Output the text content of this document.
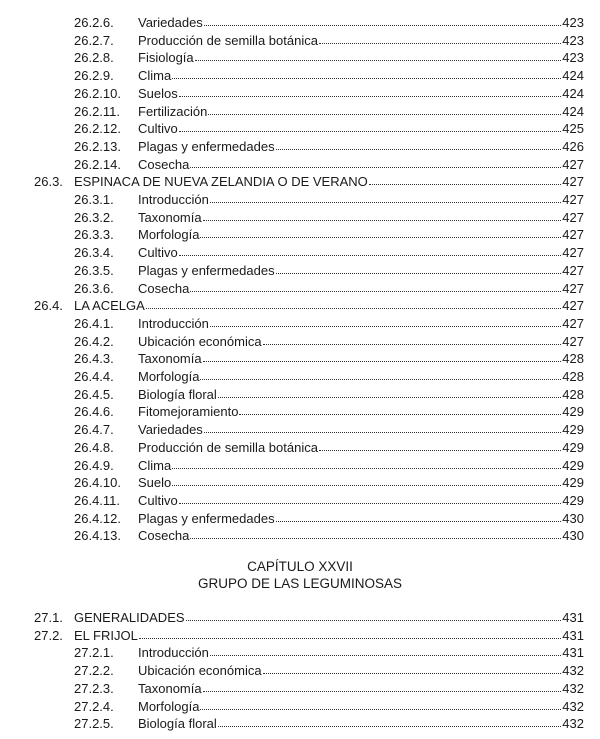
26.2.6. Variedades	423
26.2.7. Producción de semilla botánica	423
26.2.8. Fisiología	423
26.2.9. Clima	424
26.2.10. Suelos	424
26.2.11. Fertilización	424
26.2.12. Cultivo	425
26.2.13. Plagas y enfermedades	426
26.2.14. Cosecha	427
26.3. ESPINACA DE NUEVA ZELANDIA O DE VERANO	427
26.3.1. Introducción	427
26.3.2. Taxonomía	427
26.3.3. Morfología	427
26.3.4. Cultivo	427
26.3.5. Plagas y enfermedades	427
26.3.6. Cosecha	427
26.4. LA ACELGA	427
26.4.1. Introducción	427
26.4.2. Ubicación económica	427
26.4.3. Taxonomía	428
26.4.4. Morfología	428
26.4.5. Biología floral	428
26.4.6. Fitomejoramiento	429
26.4.7. Variedades	429
26.4.8. Producción de semilla botánica	429
26.4.9. Clima	429
26.4.10. Suelo	429
26.4.11. Cultivo	429
26.4.12. Plagas y enfermedades	430
26.4.13. Cosecha	430
CAPÍTULO XXVII
GRUPO DE LAS LEGUMINOSAS
27.1. GENERALIDADES	431
27.2. EL FRIJOL	431
27.2.1. Introducción	431
27.2.2. Ubicación económica	432
27.2.3. Taxonomía	432
27.2.4. Morfología	432
27.2.5. Biología floral	432
